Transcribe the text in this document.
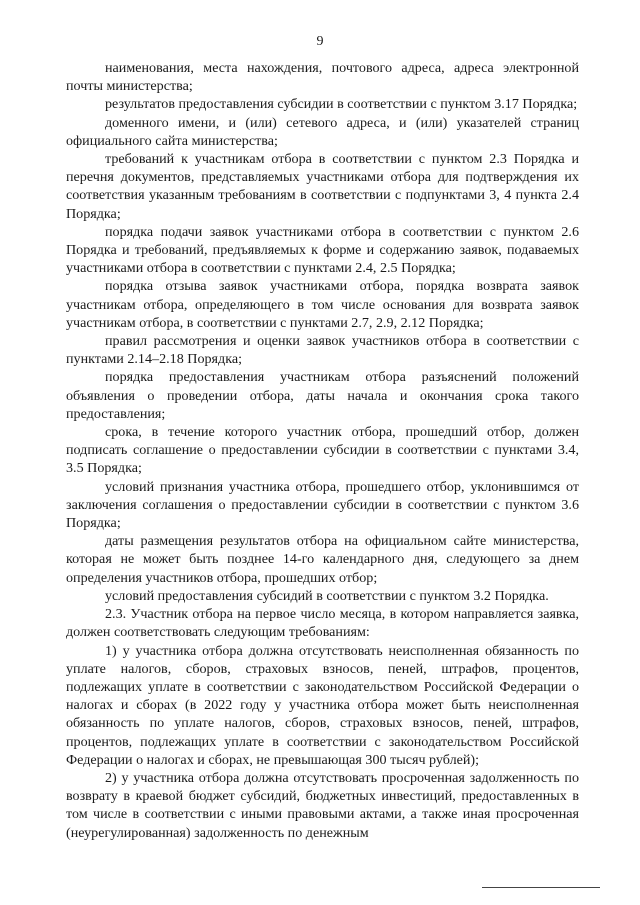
9

наименования, места нахождения, почтового адреса, адреса электронной почты министерства;

результатов предоставления субсидии в соответствии с пунктом 3.17 Порядка;

доменного имени, и (или) сетевого адреса, и (или) указателей страниц официального сайта министерства;

требований к участникам отбора в соответствии с пунктом 2.3 Порядка и перечня документов, представляемых участниками отбора для подтверждения их соответствия указанным требованиям в соответствии с подпунктами 3, 4 пункта 2.4 Порядка;

порядка подачи заявок участниками отбора в соответствии с пунктом 2.6 Порядка и требований, предъявляемых к форме и содержанию заявок, подаваемых участниками отбора в соответствии с пунктами 2.4, 2.5 Порядка;

порядка отзыва заявок участниками отбора, порядка возврата заявок участникам отбора, определяющего в том числе основания для возврата заявок участникам отбора, в соответствии с пунктами 2.7, 2.9, 2.12 Порядка;

правил рассмотрения и оценки заявок участников отбора в соответствии с пунктами 2.14–2.18 Порядка;

порядка предоставления участникам отбора разъяснений положений объявления о проведении отбора, даты начала и окончания срока такого предоставления;

срока, в течение которого участник отбора, прошедший отбор, должен подписать соглашение о предоставлении субсидии в соответствии с пунктами 3.4, 3.5 Порядка;

условий признания участника отбора, прошедшего отбор, уклонившимся от заключения соглашения о предоставлении субсидии в соответствии с пунктом 3.6 Порядка;

даты размещения результатов отбора на официальном сайте министерства, которая не может быть позднее 14-го календарного дня, следующего за днем определения участников отбора, прошедших отбор;

условий предоставления субсидий в соответствии с пунктом 3.2 Порядка.

2.3. Участник отбора на первое число месяца, в котором направляется заявка, должен соответствовать следующим требованиям:

1) у участника отбора должна отсутствовать неисполненная обязанность по уплате налогов, сборов, страховых взносов, пеней, штрафов, процентов, подлежащих уплате в соответствии с законодательством Российской Федерации о налогах и сборах (в 2022 году у участника отбора может быть неисполненная обязанность по уплате налогов, сборов, страховых взносов, пеней, штрафов, процентов, подлежащих уплате в соответствии с законодательством Российской Федерации о налогах и сборах, не превышающая 300 тысяч рублей);

2) у участника отбора должна отсутствовать просроченная задолженность по возврату в краевой бюджет субсидий, бюджетных инвестиций, предоставленных в том числе в соответствии с иными правовыми актами, а также иная просроченная (неурегулированная) задолженность по денежным
